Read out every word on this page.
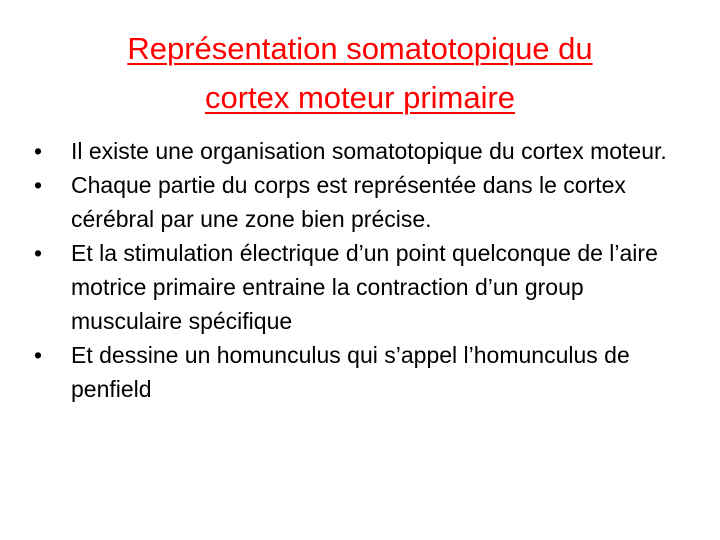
Représentation somatotopique du
cortex moteur primaire
• Il existe une organisation somatotopique du cortex moteur.
• Chaque partie du corps est représentée dans le cortex cérébral par une zone bien précise.
• Et la stimulation électrique d’un point quelconque de l’aire motrice primaire entraine la contraction d’un group musculaire spécifique
• Et dessine un homunculus qui s’appel l’homunculus de penfield
